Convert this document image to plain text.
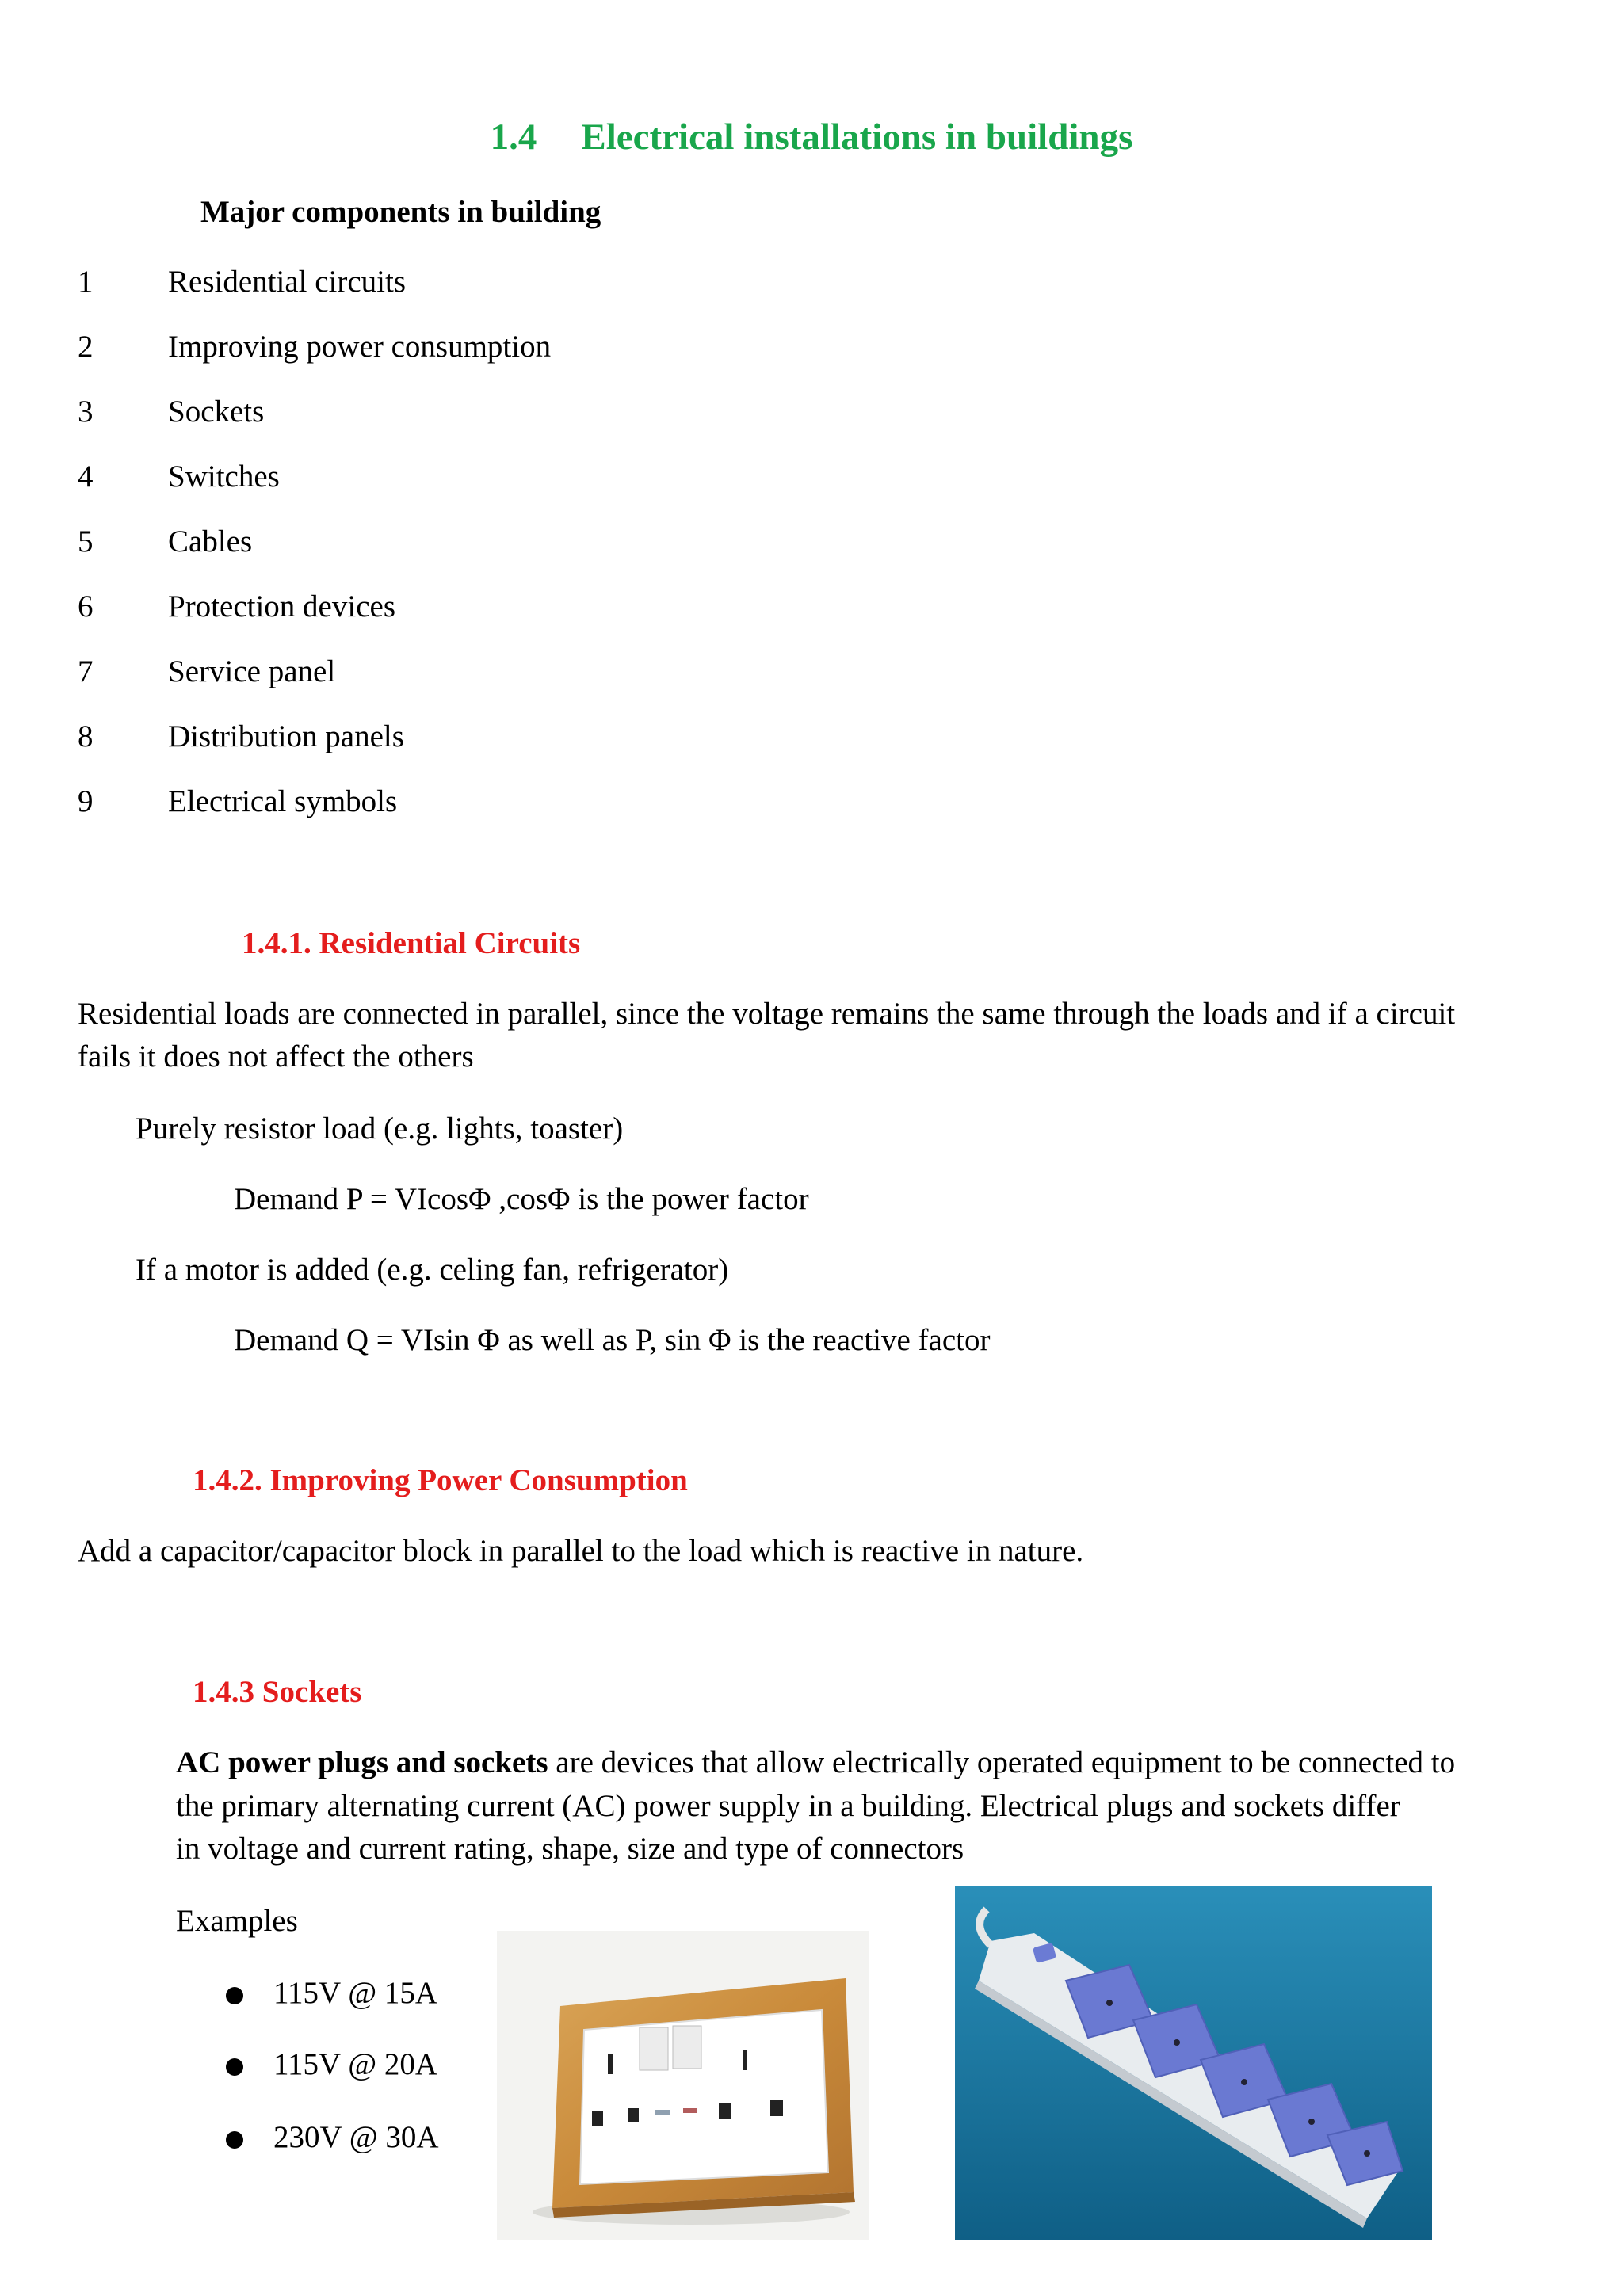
1.4 Electrical installations in buildings
Major components in building
1 Residential circuits
2 Improving power consumption
3 Sockets
4 Switches
5 Cables
6 Protection devices
7 Service panel
8 Distribution panels
9 Electrical symbols
1.4.1. Residential Circuits
Residential loads are connected in parallel, since the voltage remains the same through the loads and if a circuit
fails it does not affect the others
Purely resistor load (e.g. lights, toaster)
Demand P = VIcosΦ ,cosΦ is the power factor
If a motor is added (e.g. celing fan, refrigerator)
Demand Q = VIsin Φ as well as P, sin Φ is the reactive factor
1.4.2. Improving Power Consumption
Add a capacitor/capacitor block in parallel to the load which is reactive in nature.
1.4.3 Sockets
AC power plugs and sockets are devices that allow electrically operated equipment to be connected to
the primary alternating current (AC) power supply in a building. Electrical plugs and sockets differ
in voltage and current rating, shape, size and type of connectors
Examples
115V @ 15A
115V @ 20A
230V @ 30A
